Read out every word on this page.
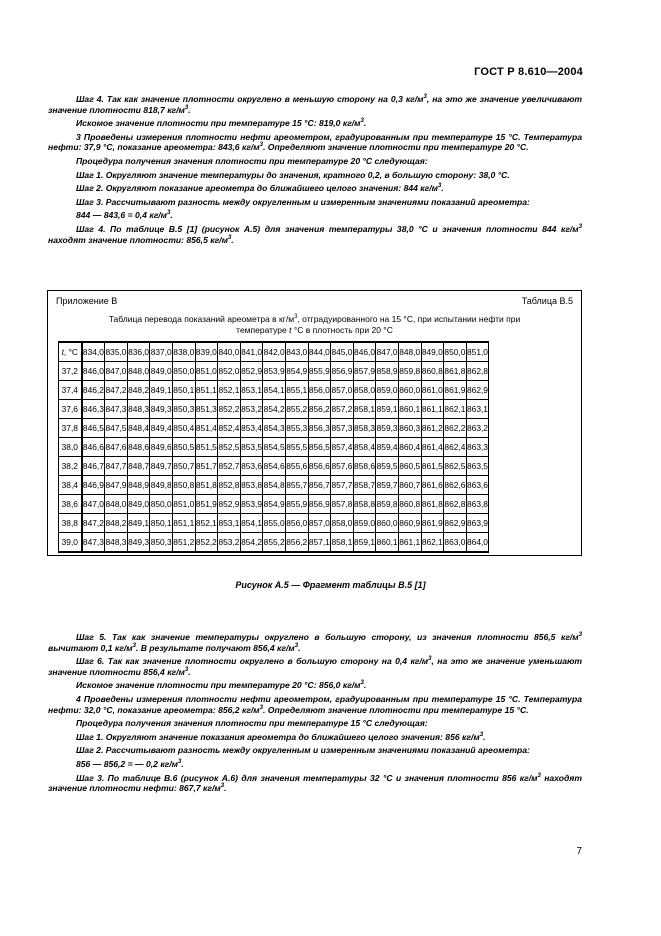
ГОСТ Р 8.610—2004

Шаг 4. Так как значение плотности округлено в меньшую сторону на 0,3 $кг/м^3$, на это же значение увеличивают значение плотности 818,7 $кг/м^3$.

Искомое значение плотности при температуре 15 °С: 819,0 $кг/м^3$.

3 Проведены измерения плотности нефти ареометром, градуированным при температуре 15 °С. Температура нефти: 37,9 °С, показание ареометра: 843,6 $кг/м^3$. Определяют значение плотности при температуре 20 °С.

Процедура получения значения плотности при температуре 20 °С следующая:

Шаг 1. Округляют значение температуры до значения, кратного 0,2, в большую сторону: 38,0 °С.

Шаг 2. Округляют показание ареометра до ближайшего целого значения: 844 $кг/м^3$.

Шаг 3. Рассчитывают разность между округленным и измеренным значениями показаний ареометра:

844 — 843,6 = 0,4 $кг/м^3$.

Шаг 4. По таблице В.5 [1] (рисунок А.5) для значения температуры 38,0 °С и значения плотности 844 $кг/м^3$ находят значение плотности: 856,5 $кг/м^3$.

Приложение В	Таблица В.5
Таблица перевода показаний ареометра в $кг/м^3$, отградуированного на 15 °С, при испытании нефти при
температуре t °С в плотность при 20 °С
t, °С	834,0	835,0	836,0	837,0	838,0	839,0	840,0	841,0	842,0	843,0	844,0	845,0	846,0	847,0	848,0	849,0	850,0	851,0
37,2	846,0	847,0	848,0	849,0	850,0	851,0	852,0	852,9	853,9	854,9	855,9	856,9	857,9	858,9	859,8	860,8	861,8	862,8
37,4	846,2	847,2	848,2	849,1	850,1	851,1	852,1	853,1	854,1	855,1	856,0	857,0	858,0	859,0	860,0	861,0	861,9	862,9
37,6	846,3	847,3	848,3	849,3	850,3	851,3	852,2	853,2	854,2	855,2	856,2	857,2	858,1	859,1	860,1	861,1	862,1	863,1
37,8	846,5	847,5	848,4	849,4	850,4	851,4	852,4	853,4	854,3	855,3	856,3	857,3	858,3	859,3	860,3	861,2	862,2	863,2
38,0	846,6	847,6	848,6	849,6	850,5	851,5	852,5	853,5	854,5	855,5	856,5	857,4	858,4	859,4	860,4	861,4	862,4	863,3
38,2	846,7	847,7	848,7	849,7	850,7	851,7	852,7	853,6	854,6	855,6	856,6	857,6	858,6	859,5	860,5	861,5	862,5	863,5
38,4	846,9	847,9	848,9	849,8	850,8	851,8	852,8	853,8	854,8	855,7	856,7	857,7	858,7	859,7	860,7	861,6	862,6	863,6
38,6	847,0	848,0	849,0	850,0	851,0	851,9	852,9	853,9	854,9	855,9	856,9	857,8	858,8	859,8	860,8	861,8	862,8	863,8
38,8	847,2	848,2	849,1	850,1	851,1	852,1	853,1	854,1	855,0	856,0	857,0	858,0	859,0	860,0	860,9	861,9	862,9	863,9
39,0	847,3	848,3	849,3	850,3	851,2	852,2	853,2	854,2	855,2	856,2	857,1	858,1	859,1	860,1	861,1	862,1	863,0	864,0
Рисунок А.5 — Фрагмент таблицы В.5 [1]

Шаг 5. Так как значение температуры округлено в большую сторону, из значения плотности 856,5 $кг/м^3$ вычитают 0,1 $кг/м^3$. В результате получают 856,4 $кг/м^3$.

Шаг 6. Так как значение плотности округлено в большую сторону на 0,4 $кг/м^3$, на это же значение уменьшают значение плотности 856,4 $кг/м^3$.

Искомое значение плотности при температуре 20 °С: 856,0 $кг/м^3$.

4 Проведены измерения плотности нефти ареометром, градуированным при температуре 15 °С. Температура нефти: 32,0 °С, показание ареометра: 856,2 $кг/м^3$. Определяют значение плотности при температуре 15 °С.

Процедура получения значения плотности при температуре 15 °С следующая:

Шаг 1. Округляют значение показания ареометра до ближайшего целого значения: 856 $кг/м^3$.

Шаг 2. Рассчитывают разность между округленным и измеренным значениями показаний ареометра:

856 — 856,2 = — 0,2 $кг/м^3$.

Шаг 3. По таблице В.6 (рисунок А.6) для значения температуры 32 °С и значения плотности 856 $кг/м^3$ находят значение плотности нефти: 867,7 $кг/м^3$.

7
